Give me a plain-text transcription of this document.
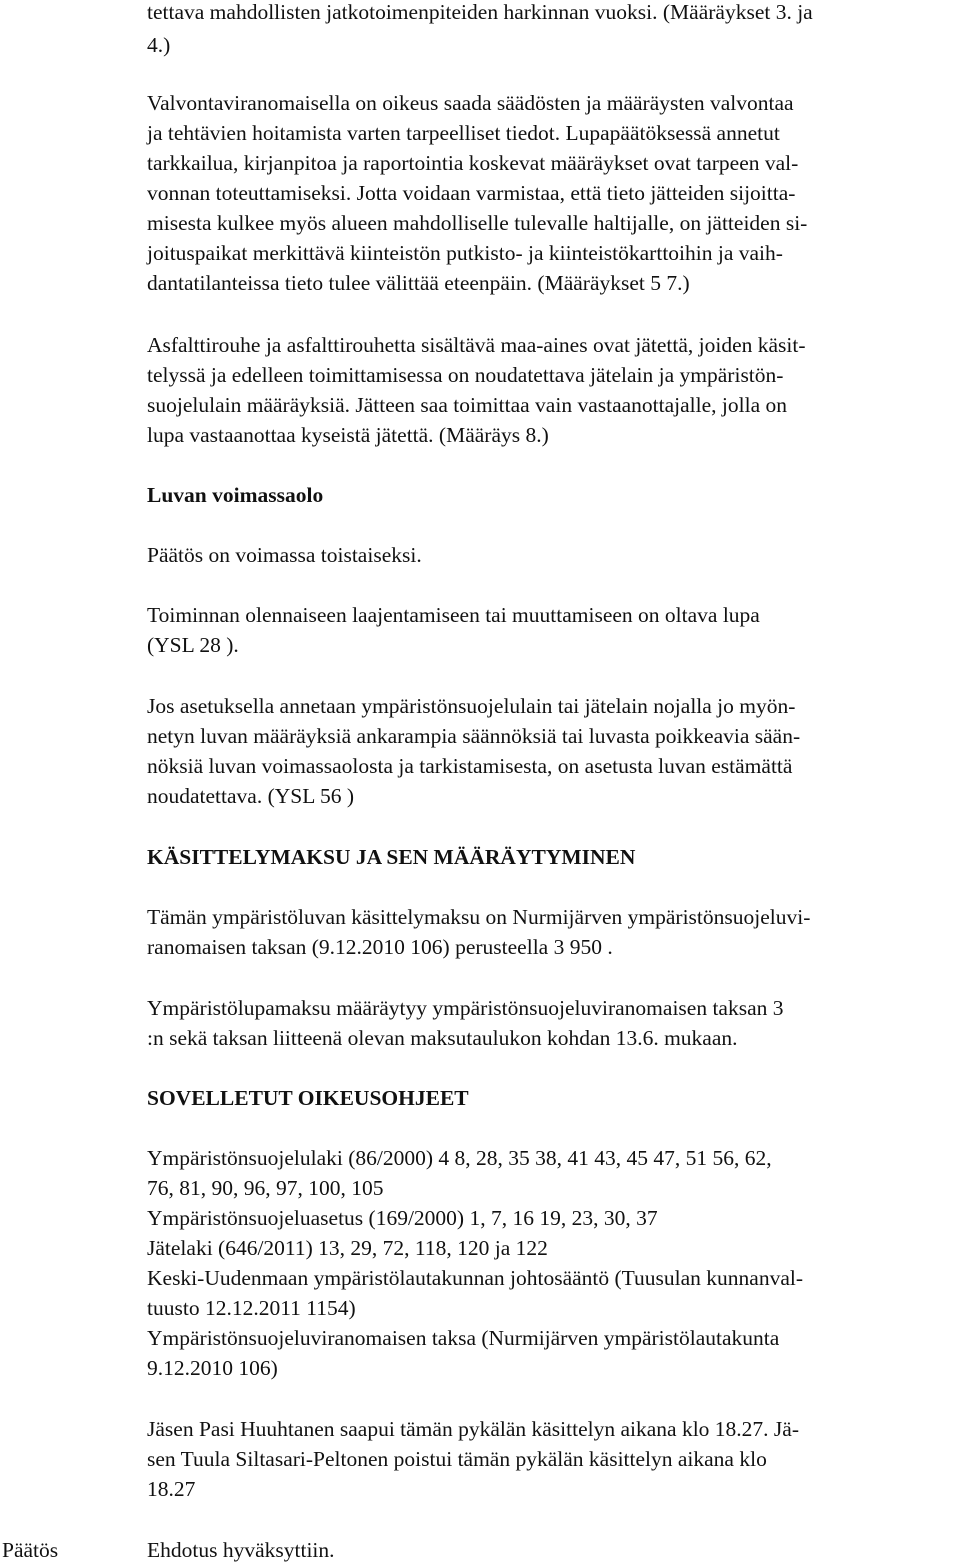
tettava mahdollisten jatkotoimenpiteiden harkinnan vuoksi. (Määräykset 3. ja

4.)

Valvontaviranomaisella on oikeus saada säädösten ja määräysten valvontaa

ja tehtävien hoitamista varten tarpeelliset tiedot. Lupapäätöksessä annetut

tarkkailua, kirjanpitoa ja raportointia koskevat määräykset ovat tarpeen val-

vonnan toteuttamiseksi. Jotta voidaan varmistaa, että tieto jätteiden sijoitta-

misesta kulkee myös alueen mahdolliselle tulevalle haltijalle, on jätteiden si-

joituspaikat merkittävä kiinteistön putkisto- ja kiinteistökarttoihin ja vaih-

dantatilanteissa tieto tulee välittää eteenpäin. (Määräykset 5 7.)

Asfalttirouhe ja asfalttirouhetta sisältävä maa-aines ovat jätettä, joiden käsit-

telyssä ja edelleen toimittamisessa on noudatettava jätelain ja ympäristön-

suojelulain määräyksiä. Jätteen saa toimittaa vain vastaanottajalle, jolla on

lupa vastaanottaa kyseistä jätettä. (Määräys 8.)

Luvan voimassaolo

Päätös on voimassa toistaiseksi.

Toiminnan olennaiseen laajentamiseen tai muuttamiseen on oltava lupa

(YSL 28 ).

Jos asetuksella annetaan ympäristönsuojelulain tai jätelain nojalla jo myön-

netyn luvan määräyksiä ankarampia säännöksiä tai luvasta poikkeavia sään-

nöksiä luvan voimassaolosta ja tarkistamisesta, on asetusta luvan estämättä

noudatettava. (YSL 56 )

KÄSITTELYMAKSU JA SEN MÄÄRÄYTYMINEN

Tämän ympäristöluvan käsittelymaksu on Nurmijärven ympäristönsuojeluvi-

ranomaisen taksan (9.12.2010 106) perusteella 3 950 .

Ympäristölupamaksu määräytyy ympäristönsuojeluviranomaisen taksan 3

:n sekä taksan liitteenä olevan maksutaulukon kohdan 13.6. mukaan.

SOVELLETUT OIKEUSOHJEET

Ympäristönsuojelulaki (86/2000) 4 8, 28, 35 38, 41 43, 45 47, 51 56, 62,

76, 81, 90, 96, 97, 100, 105

Ympäristönsuojeluasetus (169/2000) 1, 7, 16 19, 23, 30, 37

Jätelaki (646/2011) 13, 29, 72, 118, 120 ja 122

Keski-Uudenmaan ympäristölautakunnan johtosääntö (Tuusulan kunnanval-

tuusto 12.12.2011 1154)

Ympäristönsuojeluviranomaisen taksa (Nurmijärven ympäristölautakunta

9.12.2010 106)

Jäsen Pasi Huuhtanen saapui tämän pykälän käsittelyn aikana klo 18.27. Jä-

sen Tuula Siltasari-Peltonen poistui tämän pykälän käsittelyn aikana klo

18.27

Ehdotus hyväksyttiin.

Päätös
